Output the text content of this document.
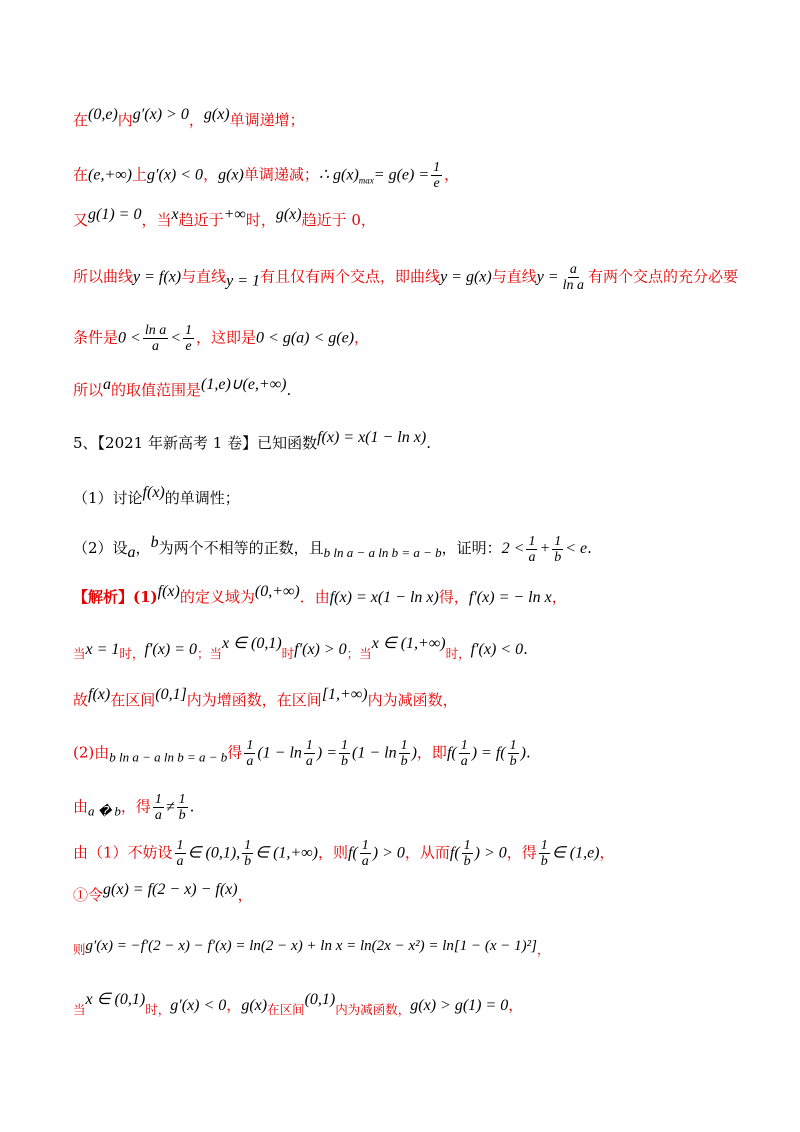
在$^{(0,e)}$内$^{g'(x) > 0}$，$^{g(x)}$单调递增；
在(e,+∞)上g′(x) < 0，g(x)单调递减；∴ $g(x)_{max}= g(e) = \frac{1}{e}$ ，
又$^{g(1) = 0}$，当$^x$趋近于+∞时，$^{g(x)}$趋近于 0，
所以曲线y = f(x)与直线$_{y = 1}$有且仅有两个交点，即曲线y = g(x)与直线$y = \frac{a}{\text{ln a}}$ 有两个交点的充分必要
条件是$0 < \frac{\text{ln a}}{a} < \frac{1}{e}$ ，这即是0 < g(a) < g(e)，
所以$^a$的取值范围是$^{(1,e)\cup(e,+\infty)}$.
5、【2021 年新高考 1 卷】已知函数$^{f(x) = x(1 - ln x)}$.
（1）讨论$^{f(x)}$的单调性；
（2）设$_a$，$^b$为两个不相等的正数，且$_{b ln a - a ln b = a - b}$，证明：$2 < \frac{1}{a} + \frac{1}{b} < e$.
【解析】$(1)^{f(x)}$的定义域为$^{(0,+\infty)}$．由f(x) = x(1 − ln x)得，f′(x) = − ln x，
$_当x = 1_{时,}f'(x) = 0_{;当}^{x \in (0,1)}_时f'(x) > 0_{;当}^{x \in (1,+\infty)}_{时,}f'(x) < 0$.
故$^{f(x)}$在区间$^{(0,1]}$内为增函数，在区间$^{[1,+\infty)}$内为减函数，
(2)由$_{b ln a - a ln b = a - b}$得 $\frac{1}{a} (1 - \ln \frac{1}{a}$ ) = $\frac{1}{b} (1 - \ln \frac{1}{b}$ )，即$f( \frac{1}{a}$ ) = $f( \frac{1}{b}$ ).
由$_{a � b}$，得 $\frac{1}{a} \ne \frac{1}{b}$ .
由（1）不妨设 $\frac{1}{a}$ ∈ (0,1), $\frac{1}{b}$ ∈ (1,+∞)，则$f( \frac{1}{a}$ ) > 0，从而$f( \frac{1}{b}$ ) > 0，得 $\frac{1}{b}$ ∈ (1,e)，
①令$^{g(x) = f(2 - x) - f(x)}$，
$_则g'(x) = -f'(2 - x) - f'(x) = \ln(2 - x) + \ln x = \ln(2x - x^2) = \ln[1 - (x - 1)^2]_,$
$_当^{x \in (0,1)}_{时,}$g′(x) < 0，$g(x)_{在区间}^{(0,1)}_{内为减函数,}g(x) > g(1) = 0$，
